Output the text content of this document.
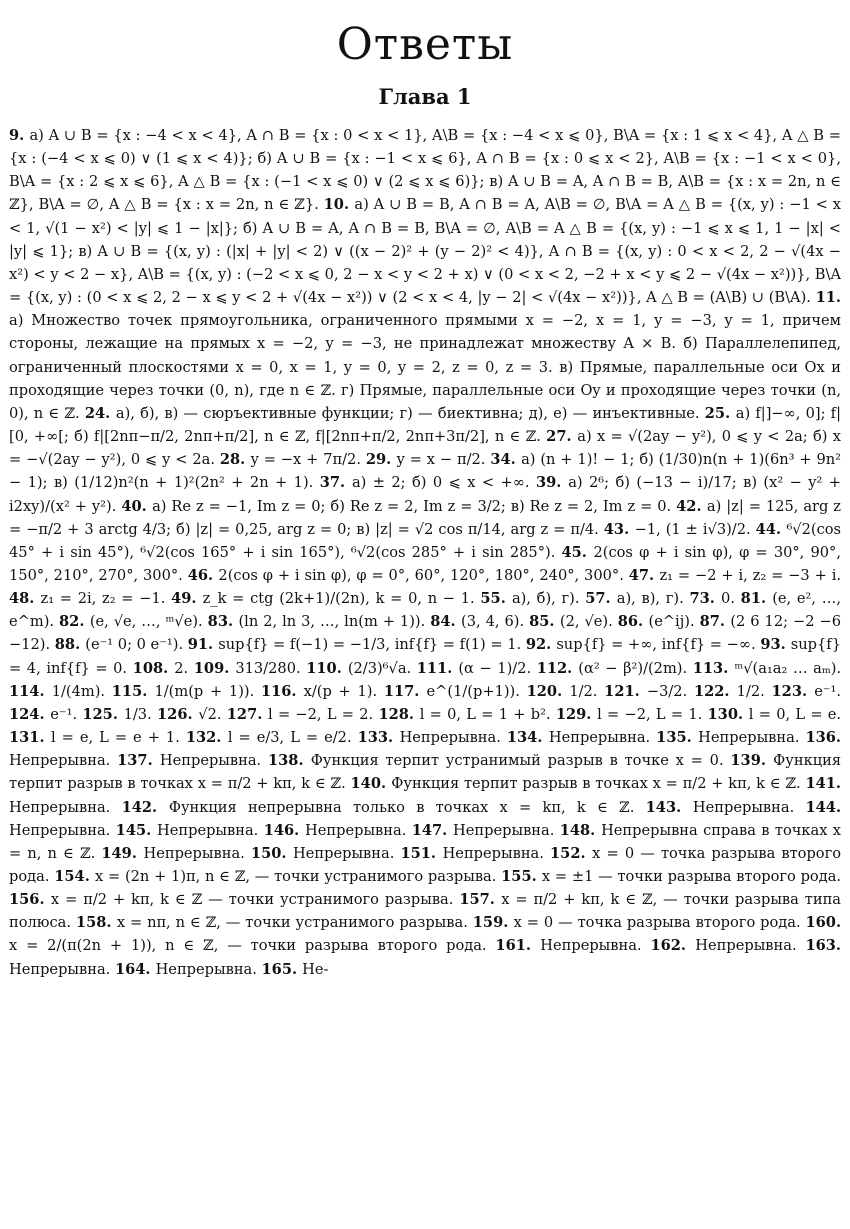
Ответы
Глава 1

9. а) A ∪ B = {x : −4 < x < 4}, A ∩ B = {x : 0 < x < 1}, A\B = {x : −4 < x ⩽ 0}, B\A = {x : 1 ⩽ x < 4}, A △ B = {x : (−4 < x ⩽ 0) ∨ (1 ⩽ x < 4)}; б) A ∪ B = {x : −1 < x ⩽ 6}, A ∩ B = {x : 0 ⩽ x < 2}, A\B = {x : −1 < x < 0}, B\A = {x : 2 ⩽ x ⩽ 6}, A △ B = {x : (−1 < x ⩽ 0) ∨ (2 ⩽ x ⩽ 6)}; в) A ∪ B = A, A ∩ B = B, A\B = {x : x = 2n, n ∈ ℤ}, B\A = ∅, A △ B = {x : x = 2n, n ∈ ℤ}. 10. а) A ∪ B = B, A ∩ B = A, A\B = ∅, B\A = A △ B = {(x, y) : −1 < x < 1, √(1 − x²) < |y| ⩽ 1 − |x|}; б) A ∪ B = A, A ∩ B = B, B\A = ∅, A\B = A △ B = {(x, y) : −1 ⩽ x ⩽ 1, 1 − |x| < |y| ⩽ 1}; в) A ∪ B = {(x, y) : (|x| + |y| < 2) ∨ ((x − 2)² + (y − 2)² < 4)}, A ∩ B = {(x, y) : 0 < x < 2, 2 − √(4x − x²) < y < 2 − x}, A\B = {(x, y) : (−2 < x ⩽ 0, 2 − x < y < 2 + x) ∨ (0 < x < 2, −2 + x < y ⩽ 2 − √(4x − x²))}, B\A = {(x, y) : (0 < x ⩽ 2, 2 − x ⩽ y < 2 + √(4x − x²)) ∨ (2 < x < 4, |y − 2| < √(4x − x²))}, A △ B = (A\B) ∪ (B\A). 11. а) Множество точек прямоугольника, ограниченного прямыми x = −2, x = 1, y = −3, y = 1, причем стороны, лежащие на прямых x = −2, y = −3, не принадлежат множеству A × B. б) Параллелепипед, ограниченный плоскостями x = 0, x = 1, y = 0, y = 2, z = 0, z = 3. в) Прямые, параллельные оси Ox и проходящие через точки (0, n), где n ∈ ℤ. г) Прямые, параллельные оси Oy и проходящие через точки (n, 0), n ∈ ℤ. 24. а), б), в) — сюръективные функции; г) — биективна; д), е) — инъективные. 25. а) f|]−∞, 0]; f|[0, +∞[; б) f|[2nπ−π/2, 2nπ+π/2], n ∈ ℤ, f|[2nπ+π/2, 2nπ+3π/2], n ∈ ℤ. 27. а) x = √(2ay − y²), 0 ⩽ y < 2a; б) x = −√(2ay − y²), 0 ⩽ y < 2a. 28. y = −x + 7π/2. 29. y = x − π/2. 34. а) (n + 1)! − 1; б) (1/30)n(n + 1)(6n³ + 9n² − 1); в) (1/12)n²(n + 1)²(2n² + 2n + 1). 37. а) ± 2; б) 0 ⩽ x < +∞. 39. а) 2⁶; б) (−13 − i)/17; в) (x² − y² + i2xy)/(x² + y²). 40. а) Re z = −1, Im z = 0; б) Re z = 2, Im z = 3/2; в) Re z = 2, Im z = 0. 42. а) |z| = 125, arg z = −π/2 + 3 arctg 4/3; б) |z| = 0,25, arg z = 0; в) |z| = √2 cos π/14, arg z = π/4. 43. −1, (1 ± i√3)/2. 44. ⁶√2(cos 45° + i sin 45°), ⁶√2(cos 165° + i sin 165°), ⁶√2(cos 285° + i sin 285°). 45. 2(cos φ + i sin φ), φ = 30°, 90°, 150°, 210°, 270°, 300°. 46. 2(cos φ + i sin φ), φ = 0°, 60°, 120°, 180°, 240°, 300°. 47. z₁ = −2 + i, z₂ = −3 + i. 48. z₁ = 2i, z₂ = −1. 49. z_k = ctg (2k+1)/(2n), k = 0, n − 1. 55. а), б), г). 57. а), в), г). 73. 0. 81. (e, e², …, e^m). 82. (e, √e, …, ᵐ√e). 83. (ln 2, ln 3, …, ln(m + 1)). 84. (3, 4, 6). 85. (2, √e). 86. (e^ij). 87. (2 6 12; −2 −6 −12). 88. (e⁻¹ 0; 0 e⁻¹). 91. sup{f} = f(−1) = −1/3, inf{f} = f(1) = 1. 92. sup{f} = +∞, inf{f} = −∞. 93. sup{f} = 4, inf{f} = 0. 108. 2. 109. 313/280. 110. (2/3)⁶√a. 111. (α − 1)/2. 112. (α² − β²)/(2m). 113. ᵐ√(a₁a₂ … aₘ). 114. 1/(4m). 115. 1/(m(p + 1)). 116. x/(p + 1). 117. e^(1/(p+1)). 120. 1/2. 121. −3/2. 122. 1/2. 123. e⁻¹. 124. e⁻¹. 125. 1/3. 126. √2. 127. l = −2, L = 2. 128. l = 0, L = 1 + b². 129. l = −2, L = 1. 130. l = 0, L = e. 131. l = e, L = e + 1. 132. l = e/3, L = e/2. 133. Непрерывна. 134. Непрерывна. 135. Непрерывна. 136. Непрерывна. 137. Непрерывна. 138. Функция терпит устранимый разрыв в точке x = 0. 139. Функция терпит разрыв в точках x = π/2 + kπ, k ∈ ℤ. 140. Функция терпит разрыв в точках x = π/2 + kπ, k ∈ ℤ. 141. Непрерывна. 142. Функция непрерывна только в точках x = kπ, k ∈ ℤ. 143. Непрерывна. 144. Непрерывна. 145. Непрерывна. 146. Непрерывна. 147. Непрерывна. 148. Непрерывна справа в точках x = n, n ∈ ℤ. 149. Непрерывна. 150. Непрерывна. 151. Непрерывна. 152. x = 0 — точка разрыва второго рода. 154. x = (2n + 1)π, n ∈ ℤ, — точки устранимого разрыва. 155. x = ±1 — точки разрыва второго рода. 156. x = π/2 + kπ, k ∈ ℤ — точки устранимого разрыва. 157. x = π/2 + kπ, k ∈ ℤ, — точки разрыва типа полюса. 158. x = nπ, n ∈ ℤ, — точки устранимого разрыва. 159. x = 0 — точка разрыва второго рода. 160. x = 2/(π(2n + 1)), n ∈ ℤ, — точки разрыва второго рода. 161. Непрерывна. 162. Непрерывна. 163. Непрерывна. 164. Непрерывна. 165. Не-
